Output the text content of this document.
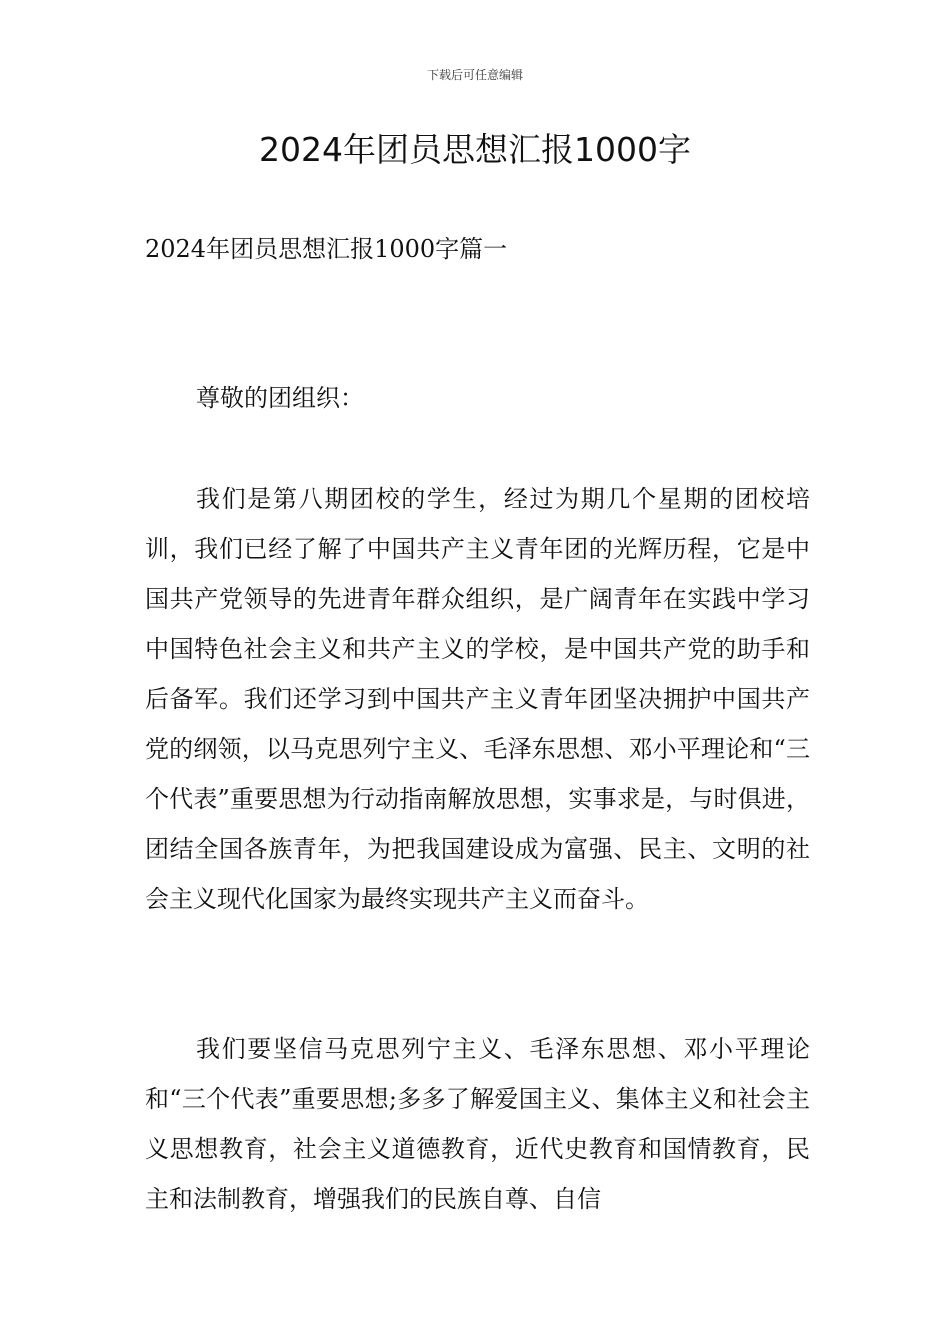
下载后可任意编辑
2024年团员思想汇报1000字

2024年团员思想汇报1000字篇一

尊敬的团组织：

我们是第八期团校的学生，经过为期几个星期的团校培训，我们已经了解了中国共产主义青年团的光辉历程，它是中国共产党领导的先进青年群众组织，是广阔青年在实践中学习中国特色社会主义和共产主义的学校，是中国共产党的助手和后备军。我们还学习到中国共产主义青年团坚决拥护中国共产党的纲领，以马克思列宁主义、毛泽东思想、邓小平理论和“三个代表”重要思想为行动指南解放思想，实事求是，与时俱进，团结全国各族青年，为把我国建设成为富强、民主、文明的社会主义现代化国家为最终实现共产主义而奋斗。

我们要坚信马克思列宁主义、毛泽东思想、邓小平理论和“三个代表”重要思想;多多了解爱国主义、集体主义和社会主义思想教育，社会主义道德教育，近代史教育和国情教育，民主和法制教育，增强我们的民族自尊、自信
